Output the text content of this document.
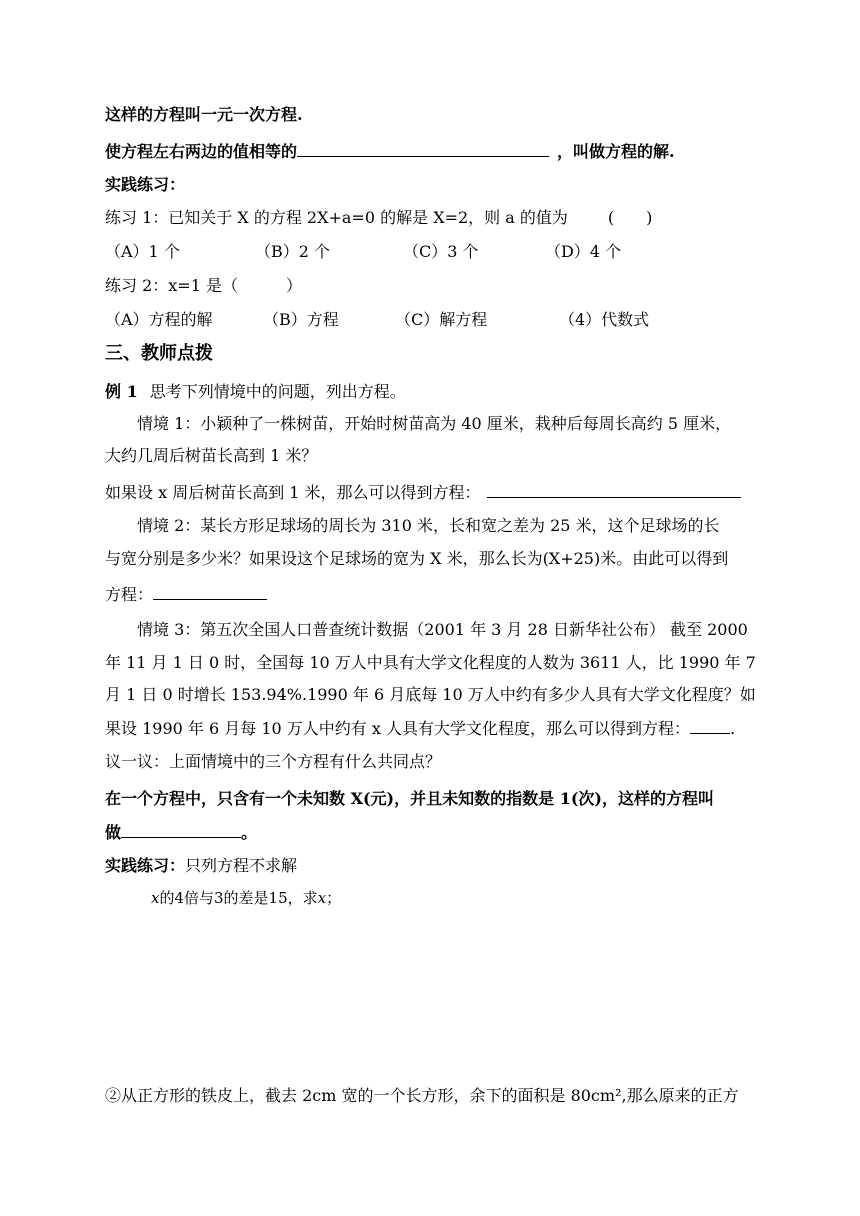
这样的方程叫一元一次方程.
使方程左右两边的值相等的	，叫做方程的解.
实践练习：
练习 1：已知关于 X 的方程 2X+a=0 的解是 X=2，则 a 的值为	(　　)
（A）1 个	（B）2 个	（C）3 个	（D）4 个
练习 2：x=1 是（	）
（A）方程的解	（B）方程	（C）解方程	（4）代数式
三、教师点拨
例 1 思考下列情境中的问题，列出方程。
情境 1：小颖种了一株树苗，开始时树苗高为 40 厘米，栽种后每周长高约 5 厘米，
大约几周后树苗长高到 1 米？
如果设 x 周后树苗长高到 1 米，那么可以得到方程：
情境 2：某长方形足球场的周长为 310 米，长和宽之差为 25 米，这个足球场的长
与宽分别是多少米？如果设这个足球场的宽为 X 米，那么长为(X+25)米。由此可以得到
方程：
情境 3：第五次全国人口普查统计数据（2001 年 3 月 28 日新华社公布） 截至 2000
年 11 月 1 日 0 时，全国每 10 万人中具有大学文化程度的人数为 3611 人，比 1990 年 7
月 1 日 0 时增长 153.94%.1990 年 6 月底每 10 万人中约有多少人具有大学文化程度？如
果设 1990 年 6 月每 10 万人中约有 x 人具有大学文化程度，那么可以得到方程：	.
议一议：上面情境中的三个方程有什么共同点？
在一个方程中，只含有一个未知数 X(元)，并且未知数的指数是 1(次)，这样的方程叫
做	。
实践练习：只列方程不求解
x的4倍与3的差是15，求x；
②从正方形的铁皮上，截去 2cm 宽的一个长方形，余下的面积是 80cm²,那么原来的正方
